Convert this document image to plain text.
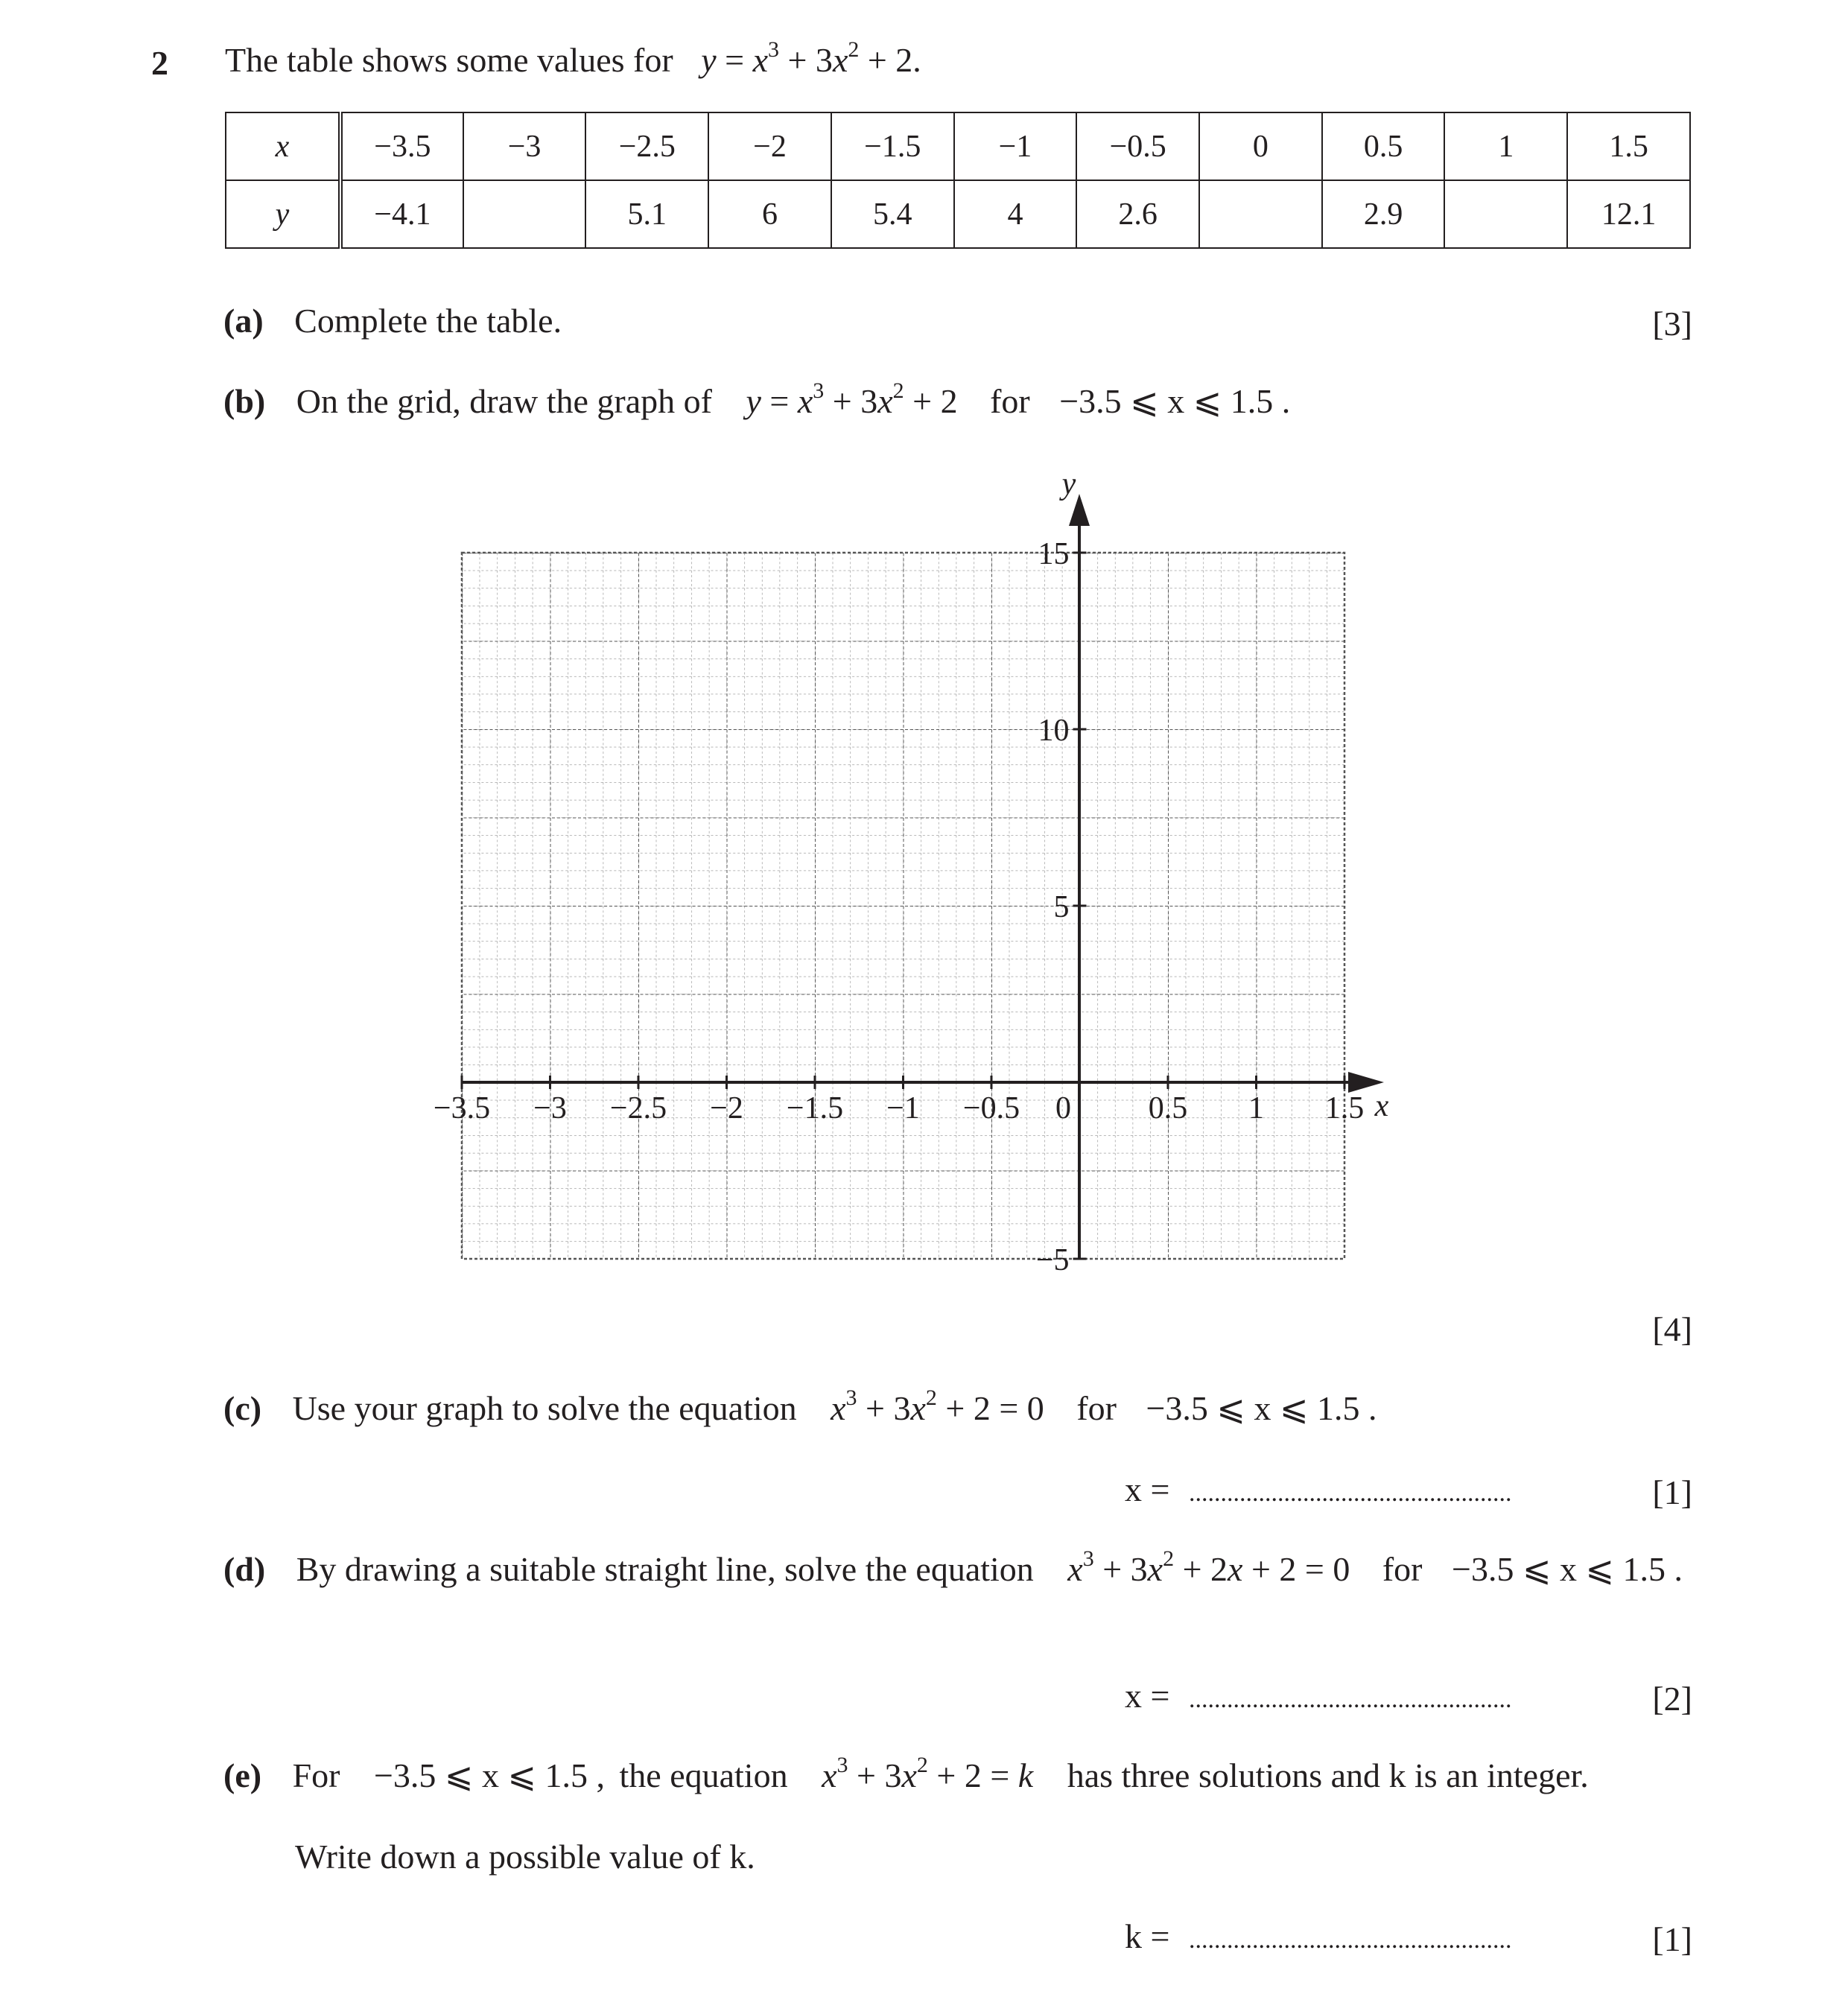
2 The table shows some values for $y = x^3 + 3x^2 + 2$.
x	−3.5	−3	−2.5	−2	−1.5	−1	−0.5	0	0.5	1	1.5
y	−4.1		5.1	6	5.4	4	2.6		2.9		12.1
(a) Complete the table.	[3]
(b) On the grid, draw the graph of $y = x^3 + 3x^2 + 2$ for −3.5 ⩽ x ⩽ 1.5 .
y
x
−3.5 −3 −2.5 −2 −1.5 −1 −0.5 0 0.5 1 1.5
15
10
5
−5
[4]
(c) Use your graph to solve the equation $x^3 + 3x^2 + 2 = 0$ for −3.5 ⩽ x ⩽ 1.5 .
x = ...................................................	[1]
(d) By drawing a suitable straight line, solve the equation $x^3 + 3x^2 + 2x + 2 = 0$ for −3.5 ⩽ x ⩽ 1.5 .
x = ...................................................	[2]
(e) For −3.5 ⩽ x ⩽ 1.5 , the equation $x^3 + 3x^2 + 2 = k$ has three solutions and k is an integer.
Write down a possible value of k.
k = ...................................................	[1]
